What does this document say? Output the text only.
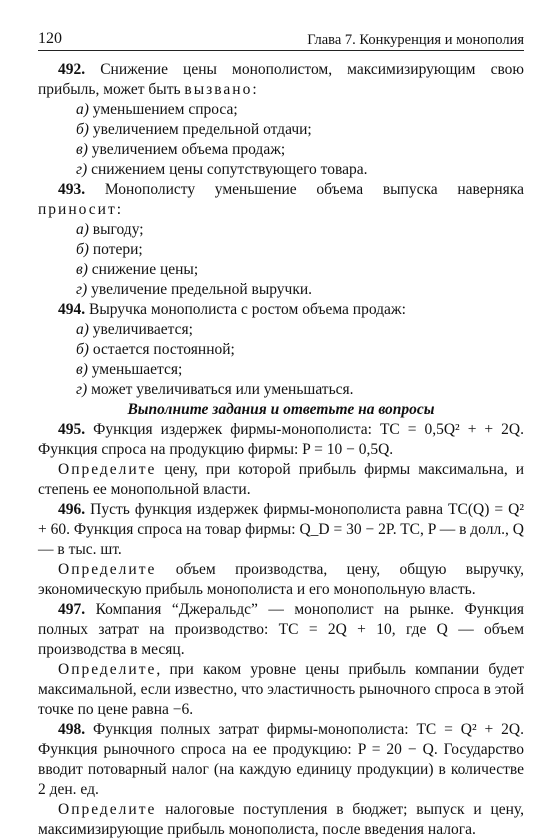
120	Глава 7. Конкуренция и монополия

492. Снижение цены монополистом, максимизирующим свою прибыль, может быть вызвано:

а) уменьшением спроса;

б) увеличением предельной отдачи;

в) увеличением объема продаж;

г) снижением цены сопутствующего товара.

493. Монополисту уменьшение объема выпуска наверняка приносит:

а) выгоду;

б) потери;

в) снижение цены;

г) увеличение предельной выручки.

494. Выручка монополиста с ростом объема продаж:

а) увеличивается;

б) остается постоянной;

в) уменьшается;

г) может увеличиваться или уменьшаться.

Выполните задания и ответьте на вопросы

495. Функция издержек фирмы-монополиста: TC = 0,5Q² + + 2Q. Функция спроса на продукцию фирмы: P = 10 − 0,5Q.

Определите цену, при которой прибыль фирмы максимальна, и степень ее монопольной власти.

496. Пусть функция издержек фирмы-монополиста равна TC(Q) = Q² + 60. Функция спроса на товар фирмы: Q_D = 30 − 2P. TC, P — в долл., Q — в тыс. шт.

Определите объем производства, цену, общую выручку, экономическую прибыль монополиста и его монопольную власть.

497. Компания “Джеральдс” — монополист на рынке. Функция полных затрат на производство: TC = 2Q + 10, где Q — объем производства в месяц.

Определите, при каком уровне цены прибыль компании будет максимальной, если известно, что эластичность рыночного спроса в этой точке по цене равна −6.

498. Функция полных затрат фирмы-монополиста: TC = Q² + 2Q. Функция рыночного спроса на ее продукцию: P = 20 − Q. Государство вводит потоварный налог (на каждую единицу продукции) в количестве 2 ден. ед.

Определите налоговые поступления в бюджет; выпуск и цену, максимизирующие прибыль монополиста, после введения налога.
